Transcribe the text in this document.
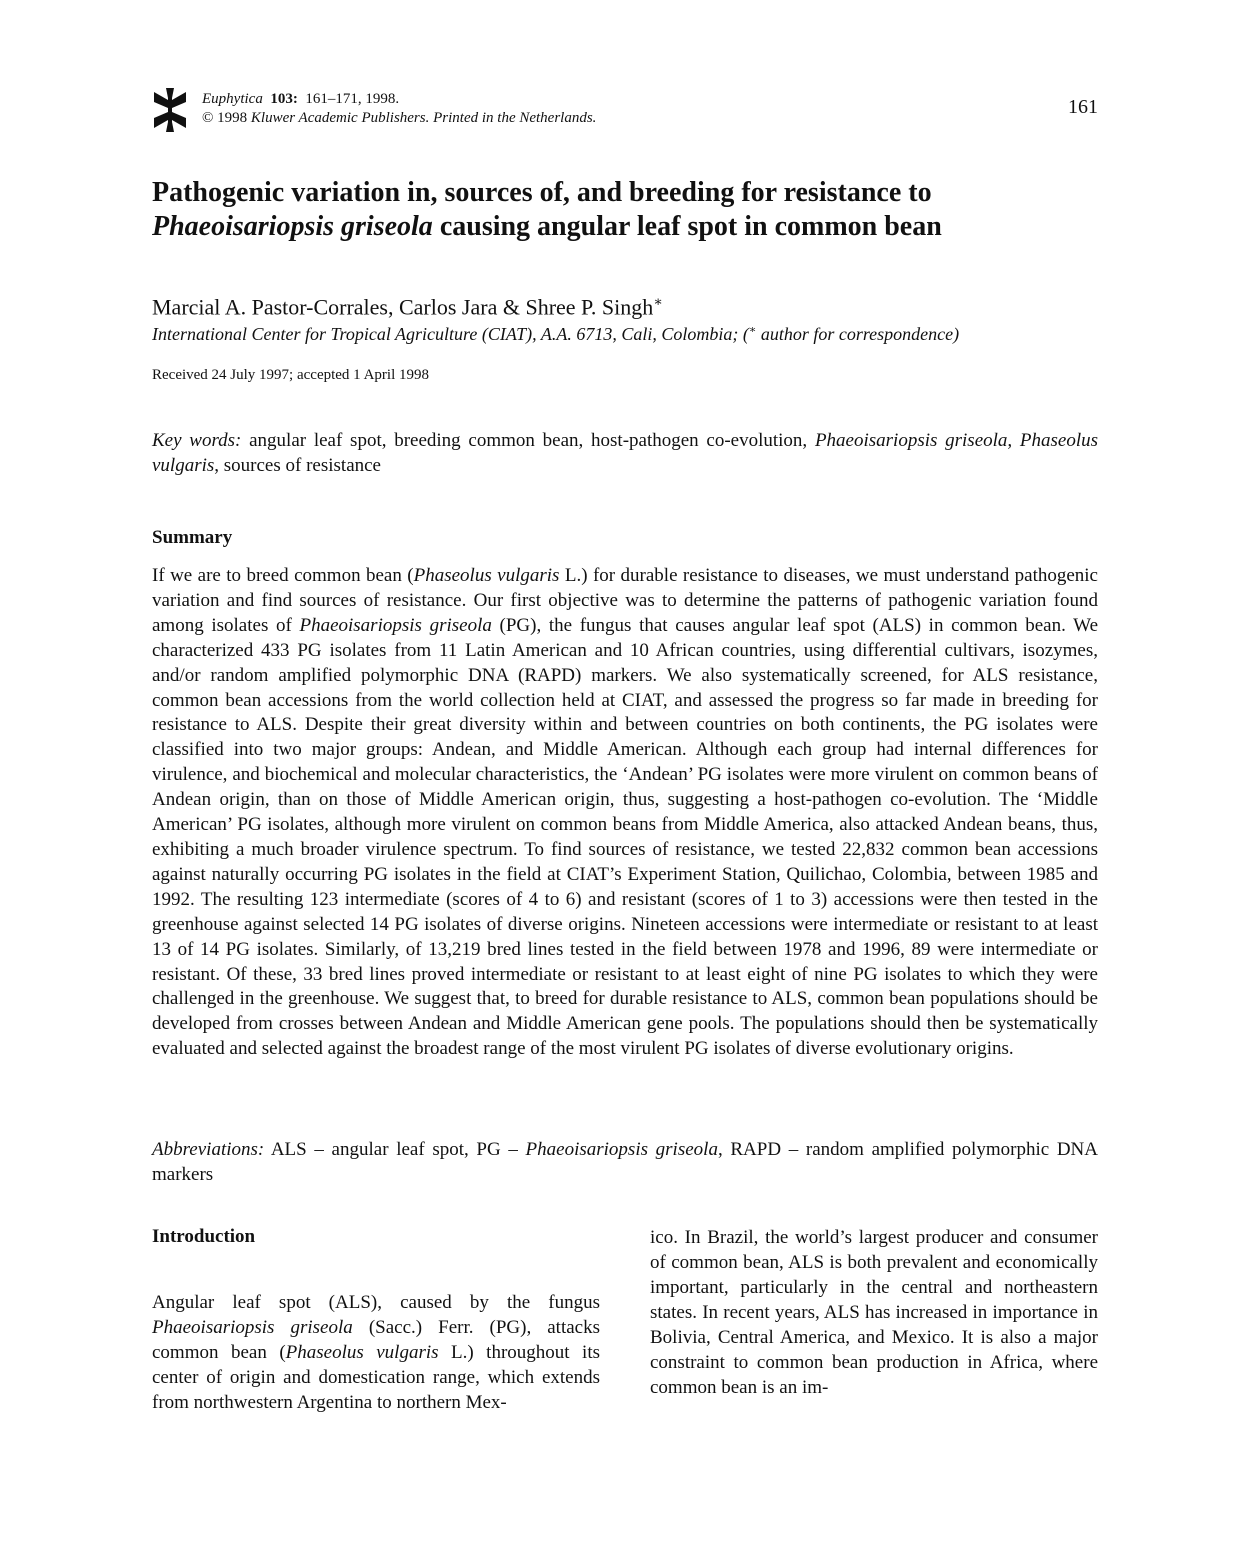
Euphytica 103: 161–171, 1998.
© 1998 Kluwer Academic Publishers. Printed in the Netherlands.	161
Pathogenic variation in, sources of, and breeding for resistance to
Phaeoisariopsis griseola causing angular leaf spot in common bean
Marcial A. Pastor-Corrales, Carlos Jara & Shree P. Singh∗
International Center for Tropical Agriculture (CIAT), A.A. 6713, Cali, Colombia; (∗ author for correspondence)
Received 24 July 1997; accepted 1 April 1998
Key words: angular leaf spot, breeding common bean, host-pathogen co-evolution, Phaeoisariopsis griseola, Phaseolus vulgaris, sources of resistance
Summary

If we are to breed common bean (Phaseolus vulgaris L.) for durable resistance to diseases, we must understand pathogenic variation and find sources of resistance. Our first objective was to determine the patterns of pathogenic variation found among isolates of Phaeoisariopsis griseola (PG), the fungus that causes angular leaf spot (ALS) in common bean. We characterized 433 PG isolates from 11 Latin American and 10 African countries, using differential cultivars, isozymes, and/or random amplified polymorphic DNA (RAPD) markers. We also systematically screened, for ALS resistance, common bean accessions from the world collection held at CIAT, and assessed the progress so far made in breeding for resistance to ALS. Despite their great diversity within and between countries on both continents, the PG isolates were classified into two major groups: Andean, and Middle American. Although each group had internal differences for virulence, and biochemical and molecular characteristics, the ‘Andean’ PG isolates were more virulent on common beans of Andean origin, than on those of Middle American origin, thus, suggesting a host-pathogen co-evolution. The ‘Middle American’ PG isolates, although more virulent on common beans from Middle America, also attacked Andean beans, thus, exhibiting a much broader virulence spectrum. To find sources of resistance, we tested 22,832 common bean accessions against naturally occurring PG isolates in the field at CIAT’s Experiment Station, Quilichao, Colombia, between 1985 and 1992. The resulting 123 intermediate (scores of 4 to 6) and resistant (scores of 1 to 3) accessions were then tested in the greenhouse against selected 14 PG isolates of diverse origins. Nineteen accessions were intermediate or resistant to at least 13 of 14 PG isolates. Similarly, of 13,219 bred lines tested in the field between 1978 and 1996, 89 were intermediate or resistant. Of these, 33 bred lines proved intermediate or resistant to at least eight of nine PG isolates to which they were challenged in the greenhouse. We suggest that, to breed for durable resistance to ALS, common bean populations should be developed from crosses between Andean and Middle American gene pools. The populations should then be systematically evaluated and selected against the broadest range of the most virulent PG isolates of diverse evolutionary origins.

Abbreviations: ALS – angular leaf spot, PG – Phaeoisariopsis griseola, RAPD – random amplified polymorphic DNA markers
Introduction

Angular leaf spot (ALS), caused by the fungus Phaeoisariopsis griseola (Sacc.) Ferr. (PG), attacks common bean (Phaseolus vulgaris L.) throughout its center of origin and domestication range, which extends from northwestern Argentina to northern Mex-

ico. In Brazil, the world’s largest producer and consumer of common bean, ALS is both prevalent and economically important, particularly in the central and northeastern states. In recent years, ALS has increased in importance in Bolivia, Central America, and Mexico. It is also a major constraint to common bean production in Africa, where common bean is an im-
